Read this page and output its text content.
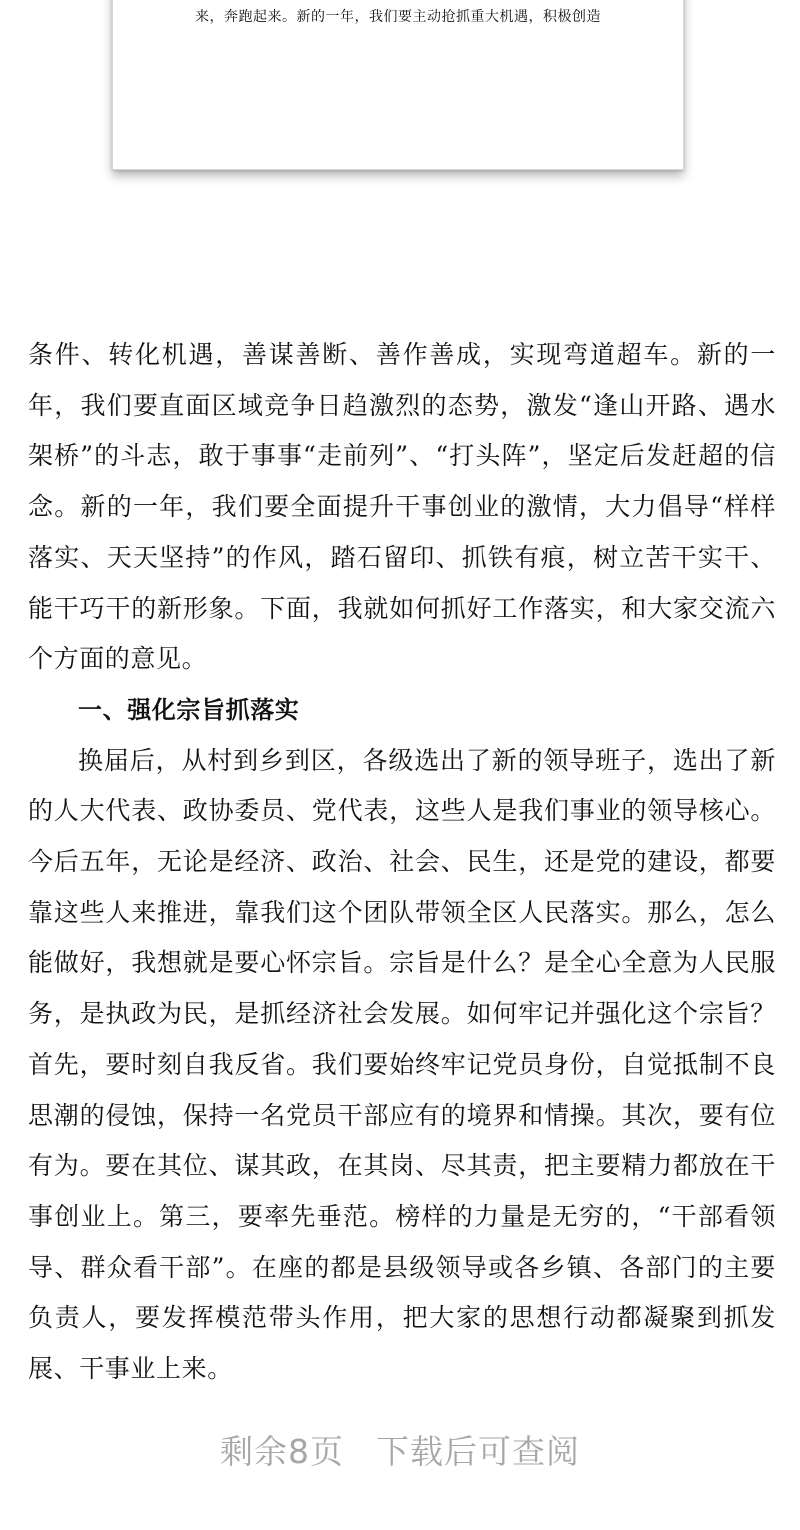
来，奔跑起来。新的一年，我们要主动抢抓重大机遇，积极创造

条件、转化机遇，善谋善断、善作善成，实现弯道超车。新的一年，我们要直面区域竞争日趋激烈的态势，激发“逢山开路、遇水架桥”的斗志，敢于事事“走前列”、“打头阵”，坚定后发赶超的信念。新的一年，我们要全面提升干事创业的激情，大力倡导“样样落实、天天坚持”的作风，踏石留印、抓铁有痕，树立苦干实干、能干巧干的新形象。下面，我就如何抓好工作落实，和大家交流六个方面的意见。

一、强化宗旨抓落实

换届后，从村到乡到区，各级选出了新的领导班子，选出了新的人大代表、政协委员、党代表，这些人是我们事业的领导核心。今后五年，无论是经济、政治、社会、民生，还是党的建设，都要靠这些人来推进，靠我们这个团队带领全区人民落实。那么，怎么能做好，我想就是要心怀宗旨。宗旨是什么？是全心全意为人民服务，是执政为民，是抓经济社会发展。如何牢记并强化这个宗旨？首先，要时刻自我反省。我们要始终牢记党员身份，自觉抵制不良思潮的侵蚀，保持一名党员干部应有的境界和情操。其次，要有位有为。要在其位、谋其政，在其岗、尽其责，把主要精力都放在干事创业上。第三，要率先垂范。榜样的力量是无穷的，“干部看领导、群众看干部”。在座的都是县级领导或各乡镇、各部门的主要负责人，要发挥模范带头作用，把大家的思想行动都凝聚到抓发展、干事业上来。

剩余8页 下载后可查阅
